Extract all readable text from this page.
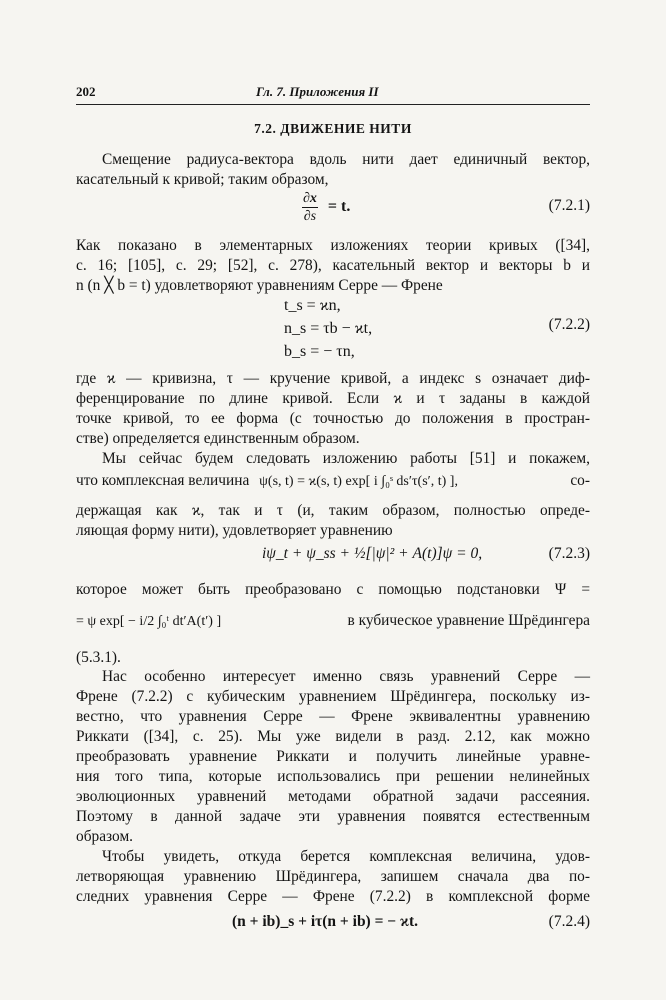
202	Гл. 7. Приложения II
7.2. ДВИЖЕНИЕ НИТИ
Смещение радиуса-вектора вдоль нити дает единичный вектор,
касательный к кривой; таким образом,
$\frac{\partial x}{\partial s} = t$.	(7.2.1)
Как показано в элементарных изложениях теории кривых ([34],
с. 16; [105], с. 29; [52], с. 278), касательный вектор и векторы b и
n (n ╳ b = t) удовлетворяют уравнениям Серре — Френе
t_s = ϰn,
n_s = τb − ϰt,
b_s = − τn,
(7.2.2)
где ϰ — кривизна, τ — кручение кривой, а индекс s означает диф-
ференцирование по длине кривой. Если ϰ и τ заданы в каждой
точке кривой, то ее форма (с точностью до положения в простран-
стве) определяется единственным образом.
Мы сейчас будем следовать изложению работы [51] и покажем,
что комплексная величина ψ(s, t) = ϰ(s, t) exp[ i ∫₀ˢ ds′τ(s′, t) ],	со-
держащая как ϰ, так и τ (и, таким образом, полностью опреде-
ляющая форму нити), удовлетворяет уравнению
iψ_t + ψ_ss + ½[|ψ|² + A(t)]ψ = 0,	(7.2.3)
которое может быть преобразовано с помощью подстановки Ψ =
= ψ exp[ − i/2 ∫₀ᵗ dt′A(t′) ]	в кубическое уравнение Шрёдингера
(5.3.1).
Нас особенно интересует именно связь уравнений Серре —
Френе (7.2.2) с кубическим уравнением Шрёдингера, поскольку из-
вестно, что уравнения Серре — Френе эквивалентны уравнению
Риккати ([34], с. 25). Мы уже видели в разд. 2.12, как можно
преобразовать уравнение Риккати и получить линейные уравне-
ния того типа, которые использовались при решении нелинейных
эволюционных уравнений методами обратной задачи рассеяния.
Поэтому в данной задаче эти уравнения появятся естественным
образом.
Чтобы увидеть, откуда берется комплексная величина, удов-
летворяющая уравнению Шрёдингера, запишем сначала два по-
следних уравнения Серре — Френе (7.2.2) в комплексной форме
(n + ib)_s + iτ(n + ib) = − ϰt.	(7.2.4)
